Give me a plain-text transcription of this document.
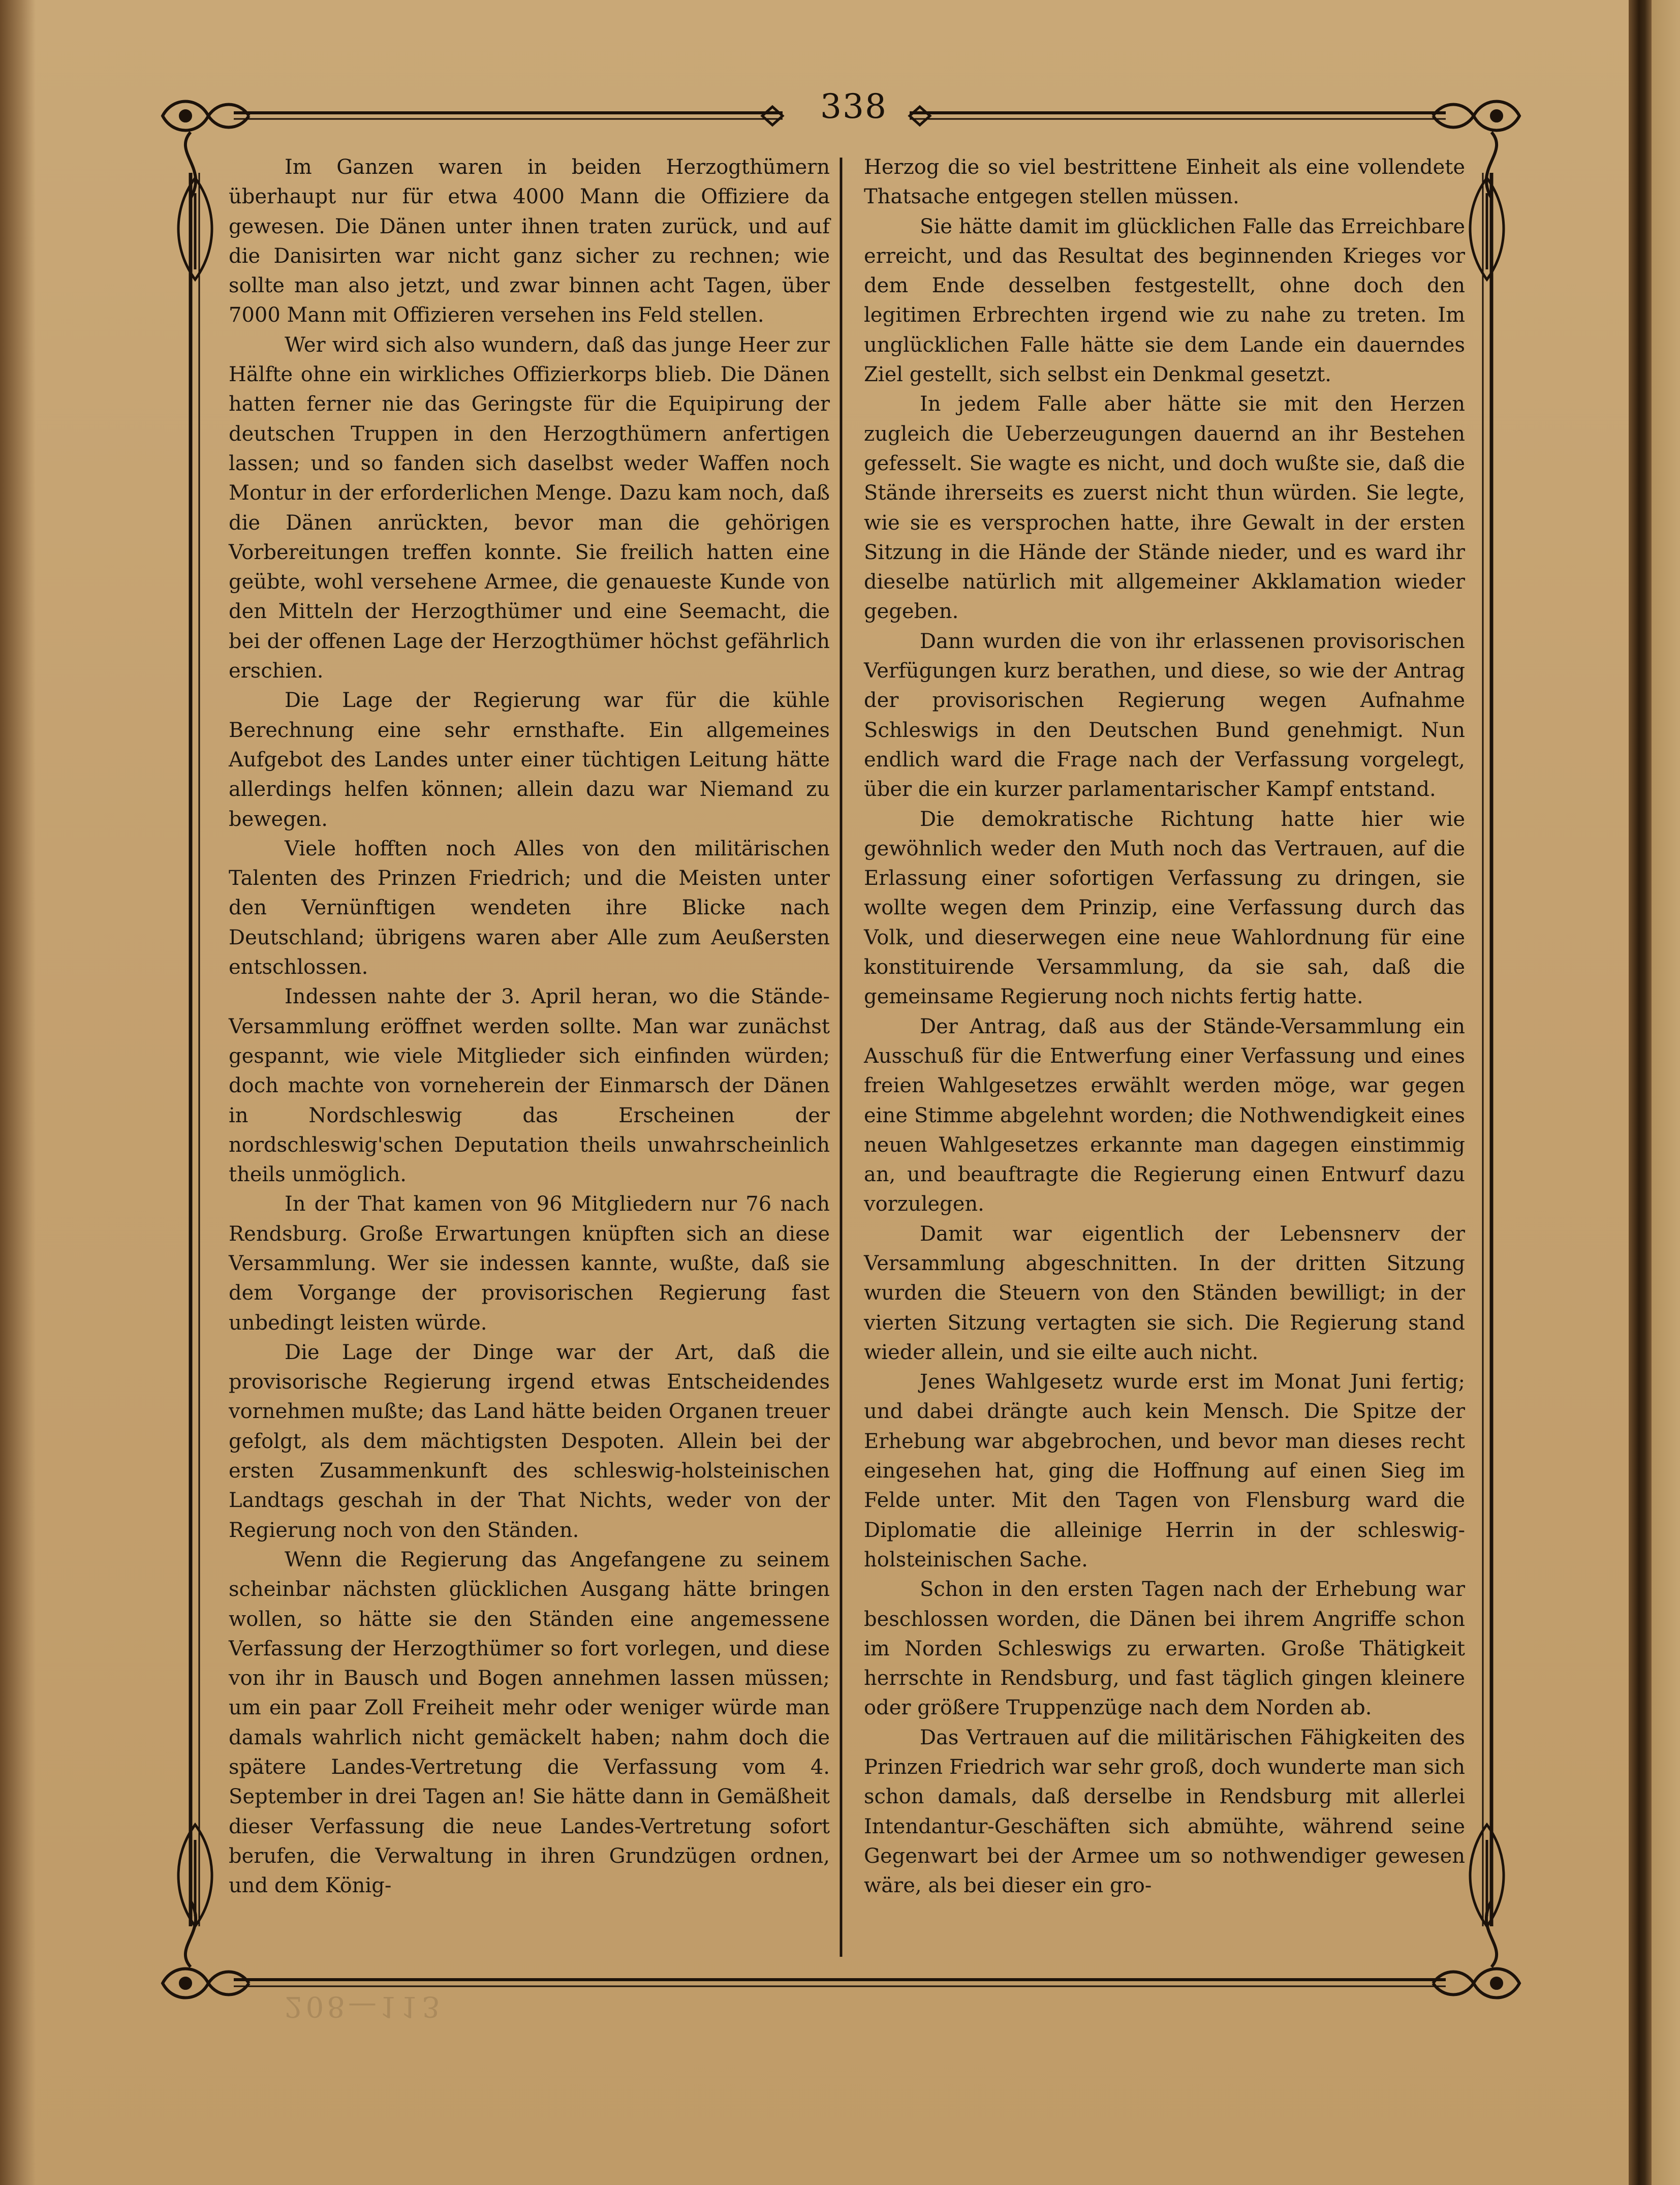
338

Im Ganzen waren in beiden Herzogthümern überhaupt nur für etwa 4000 Mann die Offiziere da gewesen. Die Dänen unter ihnen traten zurück, und auf die Danisirten war nicht ganz sicher zu rechnen; wie sollte man also jetzt, und zwar binnen acht Tagen, über 7000 Mann mit Offizieren versehen ins Feld stellen.

Wer wird sich also wundern, daß das junge Heer zur Hälfte ohne ein wirkliches Offizierkorps blieb. Die Dänen hatten ferner nie das Geringste für die Equipirung der deutschen Truppen in den Herzogthümern anfertigen lassen; und so fanden sich daselbst weder Waffen noch Montur in der erforderlichen Menge. Dazu kam noch, daß die Dänen anrückten, bevor man die gehörigen Vorbereitungen treffen konnte. Sie freilich hatten eine geübte, wohl versehene Armee, die genaueste Kunde von den Mitteln der Herzogthümer und eine Seemacht, die bei der offenen Lage der Herzogthümer höchst gefährlich erschien.

Die Lage der Regierung war für die kühle Berechnung eine sehr ernsthafte. Ein allgemeines Aufgebot des Landes unter einer tüchtigen Leitung hätte allerdings helfen können; allein dazu war Niemand zu bewegen.

Viele hofften noch Alles von den militärischen Talenten des Prinzen Friedrich; und die Meisten unter den Vernünftigen wendeten ihre Blicke nach Deutschland; übrigens waren aber Alle zum Aeußersten entschlossen.

Indessen nahte der 3. April heran, wo die Stände-Versammlung eröffnet werden sollte. Man war zunächst gespannt, wie viele Mitglieder sich einfinden würden; doch machte von vorneherein der Einmarsch der Dänen in Nordschleswig das Erscheinen der nordschleswig'schen Deputation theils unwahrscheinlich theils unmöglich.

In der That kamen von 96 Mitgliedern nur 76 nach Rendsburg. Große Erwartungen knüpften sich an diese Versammlung. Wer sie indessen kannte, wußte, daß sie dem Vorgange der provisorischen Regierung fast unbedingt leisten würde.

Die Lage der Dinge war der Art, daß die provisorische Regierung irgend etwas Entscheidendes vornehmen mußte; das Land hätte beiden Organen treuer gefolgt, als dem mächtigsten Despoten. Allein bei der ersten Zusammenkunft des schleswig-holsteinischen Landtags geschah in der That Nichts, weder von der Regierung noch von den Ständen.

Wenn die Regierung das Angefangene zu seinem scheinbar nächsten glücklichen Ausgang hätte bringen wollen, so hätte sie den Ständen eine angemessene Verfassung der Herzogthümer so fort vorlegen, und diese von ihr in Bausch und Bogen annehmen lassen müssen; um ein paar Zoll Freiheit mehr oder weniger würde man damals wahrlich nicht gemäckelt haben; nahm doch die spätere Landes-Vertretung die Verfassung vom 4. September in drei Tagen an! Sie hätte dann in Gemäßheit dieser Verfassung die neue Landes-Vertretung sofort berufen, die Verwaltung in ihren Grundzügen ordnen, und dem König-

Herzog die so viel bestrittene Einheit als eine vollendete Thatsache entgegen stellen müssen.

Sie hätte damit im glücklichen Falle das Erreichbare erreicht, und das Resultat des beginnenden Krieges vor dem Ende desselben festgestellt, ohne doch den legitimen Erbrechten irgend wie zu nahe zu treten. Im unglücklichen Falle hätte sie dem Lande ein dauerndes Ziel gestellt, sich selbst ein Denkmal gesetzt.

In jedem Falle aber hätte sie mit den Herzen zugleich die Ueberzeugungen dauernd an ihr Bestehen gefesselt. Sie wagte es nicht, und doch wußte sie, daß die Stände ihrerseits es zuerst nicht thun würden. Sie legte, wie sie es versprochen hatte, ihre Gewalt in der ersten Sitzung in die Hände der Stände nieder, und es ward ihr dieselbe natürlich mit allgemeiner Akklamation wieder gegeben.

Dann wurden die von ihr erlassenen provisorischen Verfügungen kurz berathen, und diese, so wie der Antrag der provisorischen Regierung wegen Aufnahme Schleswigs in den Deutschen Bund genehmigt. Nun endlich ward die Frage nach der Verfassung vorgelegt, über die ein kurzer parlamentarischer Kampf entstand.

Die demokratische Richtung hatte hier wie gewöhnlich weder den Muth noch das Vertrauen, auf die Erlassung einer sofortigen Verfassung zu dringen, sie wollte wegen dem Prinzip, eine Verfassung durch das Volk, und dieserwegen eine neue Wahlordnung für eine konstituirende Versammlung, da sie sah, daß die gemeinsame Regierung noch nichts fertig hatte.

Der Antrag, daß aus der Stände-Versammlung ein Ausschuß für die Entwerfung einer Verfassung und eines freien Wahlgesetzes erwählt werden möge, war gegen eine Stimme abgelehnt worden; die Nothwendigkeit eines neuen Wahlgesetzes erkannte man dagegen einstimmig an, und beauftragte die Regierung einen Entwurf dazu vorzulegen.

Damit war eigentlich der Lebensnerv der Versammlung abgeschnitten. In der dritten Sitzung wurden die Steuern von den Ständen bewilligt; in der vierten Sitzung vertagten sie sich. Die Regierung stand wieder allein, und sie eilte auch nicht.

Jenes Wahlgesetz wurde erst im Monat Juni fertig; und dabei drängte auch kein Mensch. Die Spitze der Erhebung war abgebrochen, und bevor man dieses recht eingesehen hat, ging die Hoffnung auf einen Sieg im Felde unter. Mit den Tagen von Flensburg ward die Diplomatie die alleinige Herrin in der schleswig-holsteinischen Sache.

Schon in den ersten Tagen nach der Erhebung war beschlossen worden, die Dänen bei ihrem Angriffe schon im Norden Schleswigs zu erwarten. Große Thätigkeit herrschte in Rendsburg, und fast täglich gingen kleinere oder größere Truppenzüge nach dem Norden ab.

Das Vertrauen auf die militärischen Fähigkeiten des Prinzen Friedrich war sehr groß, doch wunderte man sich schon damals, daß derselbe in Rendsburg mit allerlei Intendantur-Geschäften sich abmühte, während seine Gegenwart bei der Armee um so nothwendiger gewesen wäre, als bei dieser ein gro-

208—113
